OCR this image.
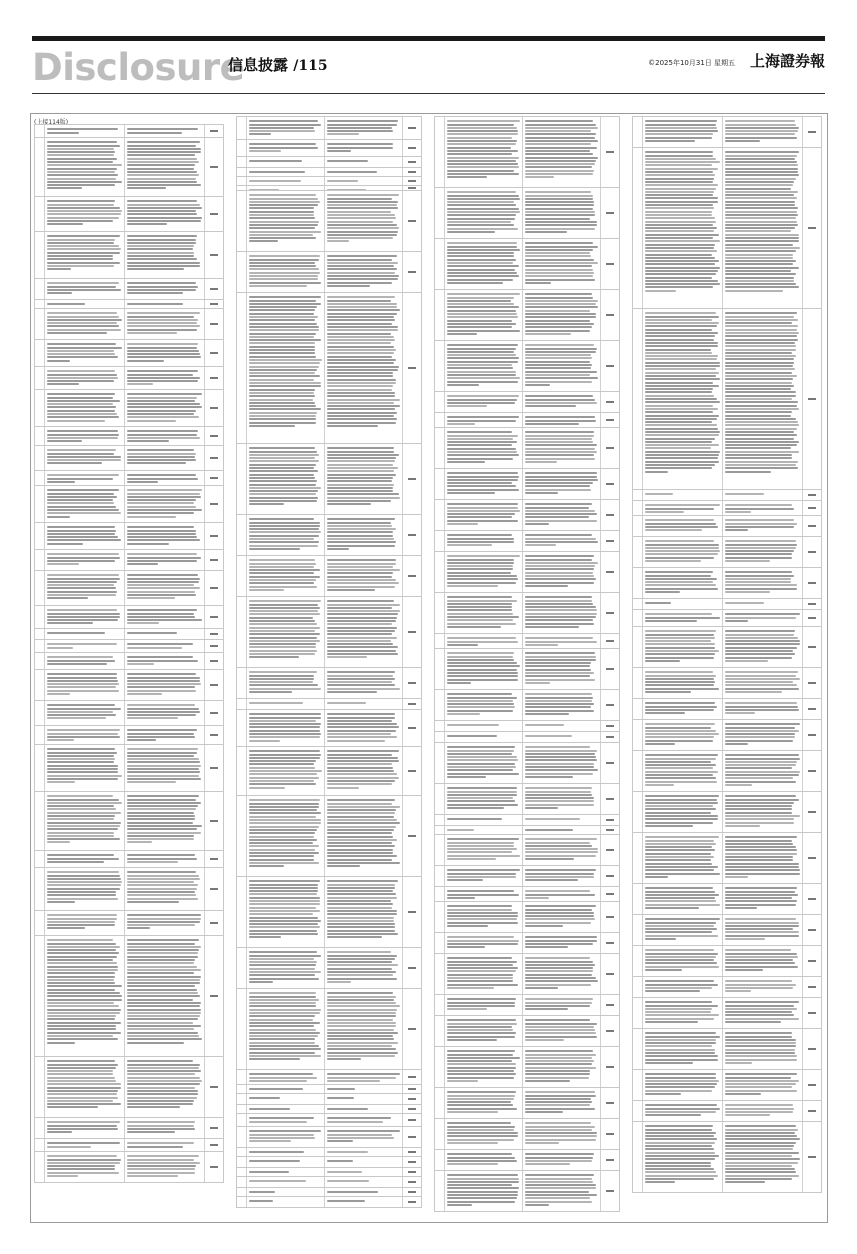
Disclosure
信息披露 /115	©2025年10月31日 星期五 上海證券報
(上接114版)
